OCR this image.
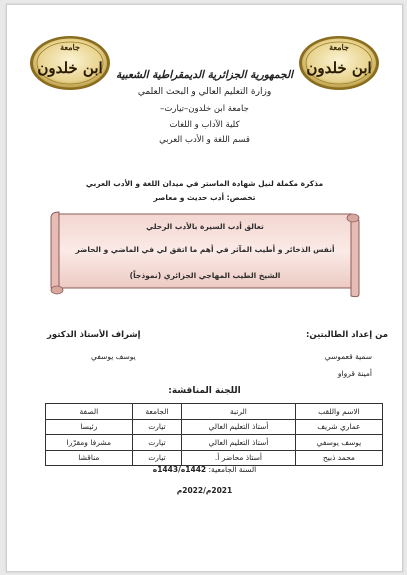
جامعة
ابن خلدون
جامعة
ابن خلدون	الجمهورية الجزائرية الديمقراطية الشعبية
وزارة التعليم العالي و البحث العلمي
جامعة ابن خلدون–تيارت–
كلية الآداب و اللغات
قسم اللغة و الأدب العربي
مذكرة مكملة لنيل شهادة الماستر في ميدان اللغة و الأدب العربي
تخصص: أدب حديث و معاصر
تعالق أدب السيرة بالأدب الرحلي
أنفس الذخائر و أطيب المآثر في أهم ما اتفق لي في الماضي و الحاضر
الشيخ الطيب المهاجي الجزائري (نموذجاً)
من إعداد الطالبتين:
إشراف الأستاذ الدكتور
سمية قعموسي
أمينة قرواو
يوسف يوسفي
اللجنة المناقشة:
الاسم واللقب	الرتبة	الجامعة	الصفة
عماري شريف	أستاذ التعليم العالي	تيارت	رئيسا
يوسف يوسفي	أستاذ التعليم العالي	تيارت	مشرفا ومقرّرا
محمد ذبيح	أستاذ محاضر أ.	تيارت	مناقشا
السنة الجامعية: 1442ه/1443ه
2021م/2022م
